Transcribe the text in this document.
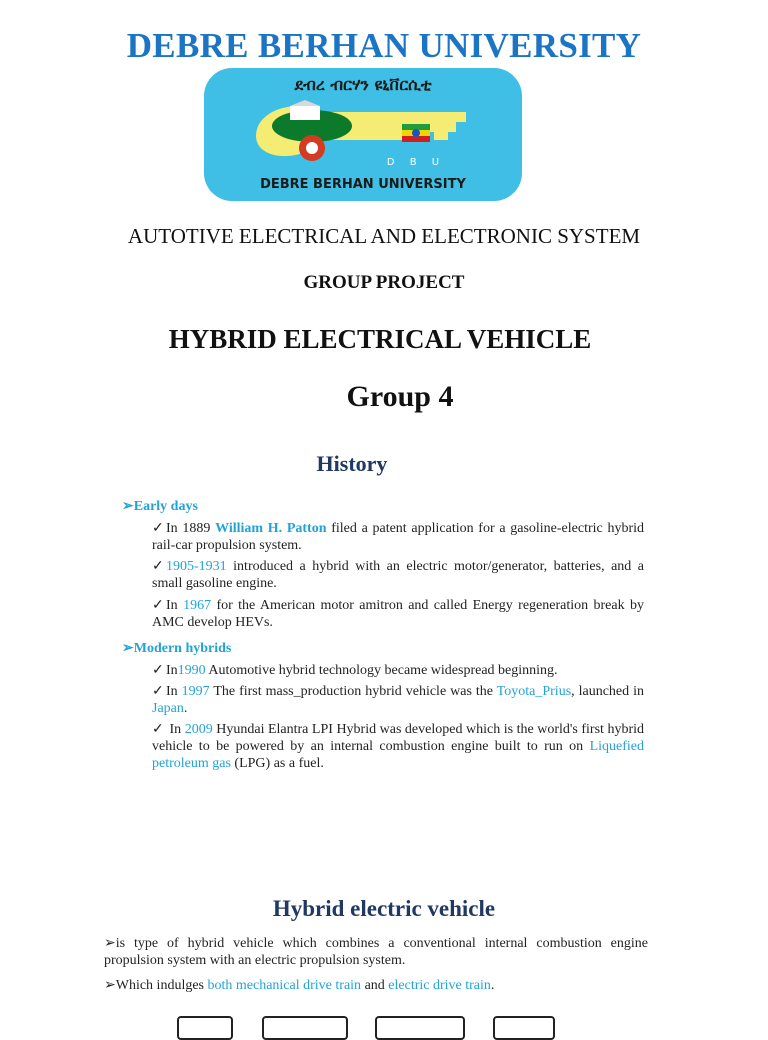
DEBRE BERHAN UNIVERSITY
ደብረ ብርሃን ዩኒቨርሲቲ
D B U
DEBRE BERHAN UNIVERSITY
AUTOTIVE ELECTRICAL AND ELECTRONIC SYSTEM
GROUP PROJECT
HYBRID ELECTRICAL VEHICLE
Group 4
History
➢Early days
✓ In 1889 William H. Patton filed a patent application for a gasoline-electric hybrid rail-car propulsion system.
✓ 1905-1931 introduced a hybrid with an electric motor/generator, batteries, and a small gasoline engine.
✓ In 1967 for the American motor amitron and called Energy regeneration break by AMC develop HEVs.
➢Modern hybrids
✓ In1990 Automotive hybrid technology became widespread beginning.
✓ In 1997 The first mass_production hybrid vehicle was the Toyota_Prius, launched in Japan.
✓ In 2009 Hyundai Elantra LPI Hybrid was developed which is the world's first hybrid vehicle to be powered by an internal combustion engine built to run on Liquefied petroleum gas (LPG) as a fuel.
Hybrid electric vehicle
➢is type of hybrid vehicle which combines a conventional internal combustion engine propulsion system with an electric propulsion system.
➢Which indulges both mechanical drive train and electric drive train.
